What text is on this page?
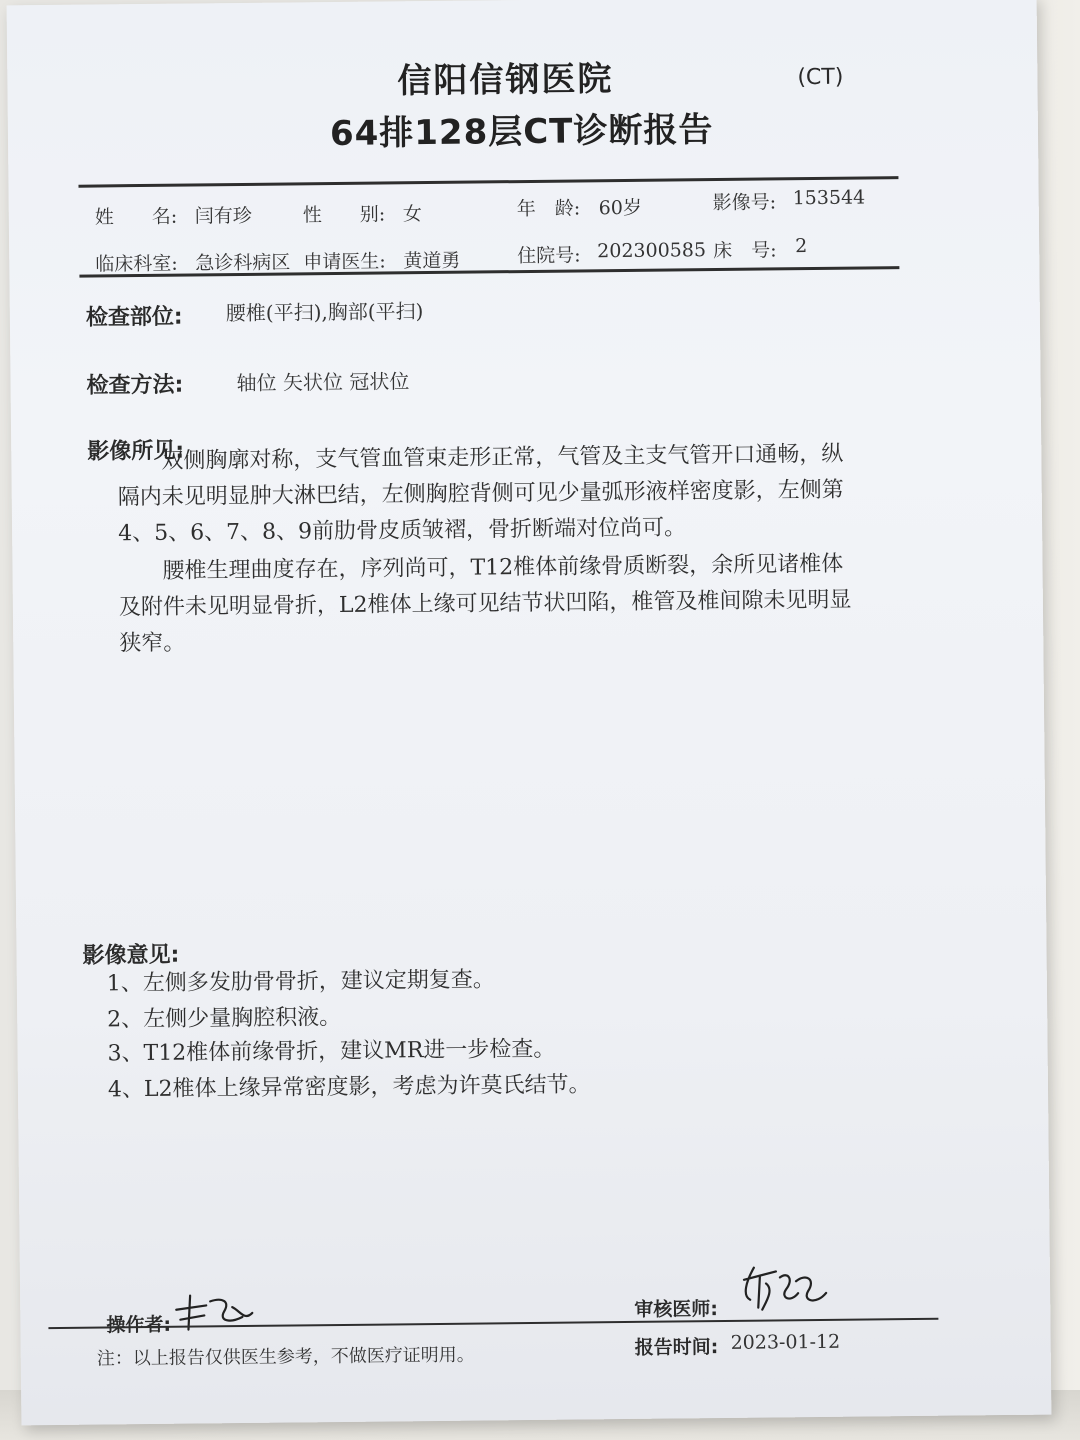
信阳信钢医院	(CT)
64排128层CT诊断报告
姓　　名: 闫有珍	性　　别: 女	年　龄: 60岁	影像号: 153544
临床科室: 急诊科病区 申请医生: 黄道勇	住院号: 202300585 床　号: 2
检查部位: 腰椎(平扫),胸部(平扫)
检查方法:	轴位 矢状位 冠状位
影像所见:
双侧胸廓对称，支气管血管束走形正常，气管及主支气管开口通畅，纵
隔内未见明显肿大淋巴结，左侧胸腔背侧可见少量弧形液样密度影，左侧第
4、5、6、7、8、9前肋骨皮质皱褶，骨折断端对位尚可。
腰椎生理曲度存在，序列尚可，T12椎体前缘骨质断裂，余所见诸椎体
及附件未见明显骨折，L2椎体上缘可见结节状凹陷，椎管及椎间隙未见明显
狭窄。
影像意见:
1、左侧多发肋骨骨折，建议定期复查。
2、左侧少量胸腔积液。
3、T12椎体前缘骨折，建议MR进一步检查。
4、L2椎体上缘异常密度影，考虑为许莫氏结节。
操作者:
审核医师:
注：以上报告仅供医生参考，不做医疗证明用。	报告时间: 2023-01-12
